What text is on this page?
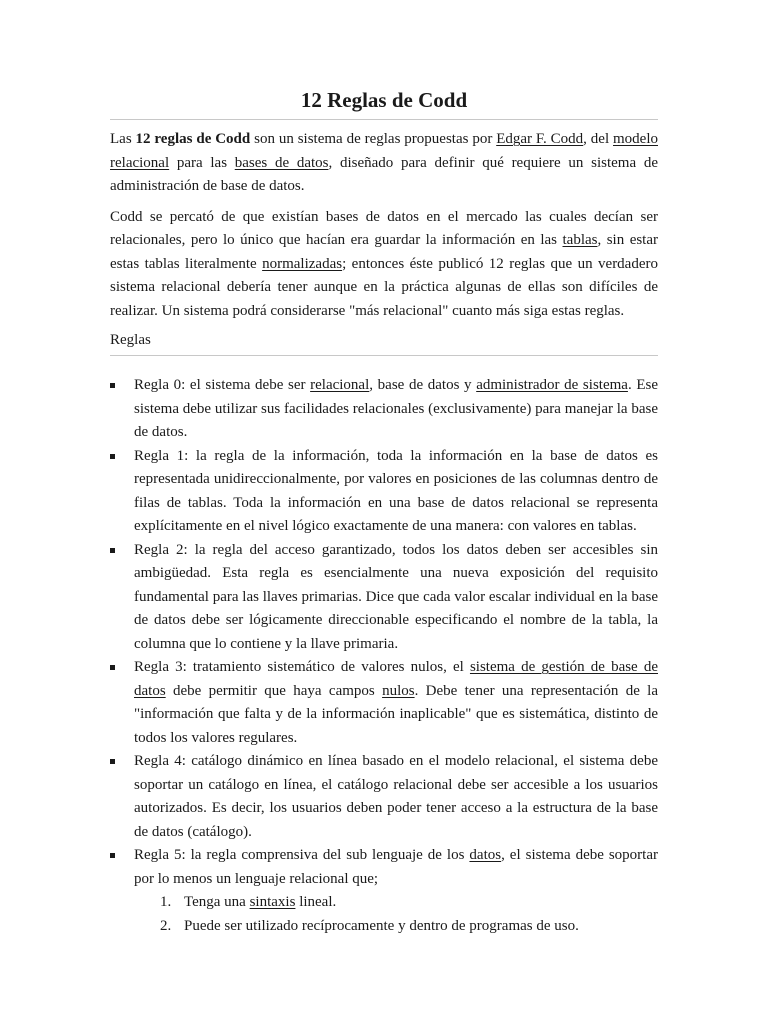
12 Reglas de Codd

Las 12 reglas de Codd son un sistema de reglas propuestas por Edgar F. Codd, del modelo relacional para las bases de datos, diseñado para definir qué requiere un sistema de administración de base de datos.

Codd se percató de que existían bases de datos en el mercado las cuales decían ser relacionales, pero lo único que hacían era guardar la información en las tablas, sin estar estas tablas literalmente normalizadas; entonces éste publicó 12 reglas que un verdadero sistema relacional debería tener aunque en la práctica algunas de ellas son difíciles de realizar. Un sistema podrá considerarse "más relacional" cuanto más siga estas reglas.

Reglas
Regla 0: el sistema debe ser relacional, base de datos y administrador de sistema. Ese sistema debe utilizar sus facilidades relacionales (exclusivamente) para manejar la base de datos.
Regla 1: la regla de la información, toda la información en la base de datos es representada unidireccionalmente, por valores en posiciones de las columnas dentro de filas de tablas. Toda la información en una base de datos relacional se representa explícitamente en el nivel lógico exactamente de una manera: con valores en tablas.
Regla 2: la regla del acceso garantizado, todos los datos deben ser accesibles sin ambigüedad. Esta regla es esencialmente una nueva exposición del requisito fundamental para las llaves primarias. Dice que cada valor escalar individual en la base de datos debe ser lógicamente direccionable especificando el nombre de la tabla, la columna que lo contiene y la llave primaria.
Regla 3: tratamiento sistemático de valores nulos, el sistema de gestión de base de datos debe permitir que haya campos nulos. Debe tener una representación de la "información que falta y de la información inaplicable" que es sistemática, distinto de todos los valores regulares.
Regla 4: catálogo dinámico en línea basado en el modelo relacional, el sistema debe soportar un catálogo en línea, el catálogo relacional debe ser accesible a los usuarios autorizados. Es decir, los usuarios deben poder tener acceso a la estructura de la base de datos (catálogo).
Regla 5: la regla comprensiva del sub lenguaje de los datos, el sistema debe soportar por lo menos un lenguaje relacional que;
1. Tenga una sintaxis lineal.
2. Puede ser utilizado recíprocamente y dentro de programas de uso.
